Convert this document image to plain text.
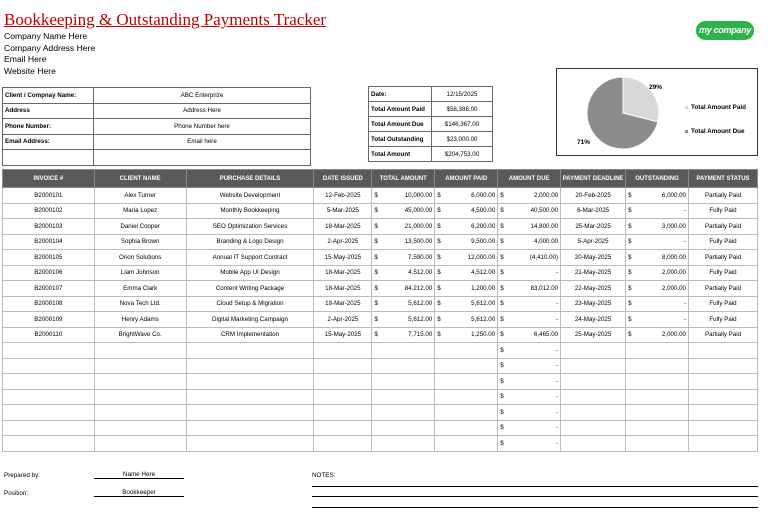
Bookkeeping & Outstanding Payments Tracker
Company Name Here
Company Address Here
Email Here
Website Here
my company
Client / Compnay Name:	ABC Enterprize
Address	Address Here
Phone Number:	Phone Number here
Email Address:	Email here

Date:	12/15/2025
Total Amount Paid	$58,386.00
Total Amount Due	$146,367.00
Total Outstanding	$23,000.00
Total Amount	$204,753.00
29%
71%
Total Amount Paid
Total Amount Due
INVOICE #	CLIENT NAME	PURCHASE DETAILS	DATE ISSUED	TOTAL AMOUNT	AMOUNT PAID	AMOUNT DUE	PAYMENT DEADLINE	OUTSTANDING	PAYMENT STATUS
B2000101	Alex Turner	Website Development	12-Feb-2025	$ 10,000.00	$ 8,000.00	$ 2,000.00	20-Feb-2025	$ 6,000.00	Partially Paid
B2000102	Maria Lopez	Monthly Bookkeeping	5-Mar-2025	$ 45,000.00	$ 4,500.00	$ 40,500.00	6-Mar-2025	$ -	Fully Paid
B2000103	Daniel Cooper	SEO Optimization Services	18-Mar-2025	$ 21,000.00	$ 6,200.00	$ 14,800.00	25-Mar-2025	$ 3,000.00	Partially Paid
B2000104	Sophia Brown	Branding & Logo Design	2-Apr-2025	$ 13,500.00	$ 9,500.00	$ 4,000.00	5-Apr-2025	$ -	Fully Paid
B2000105	Orion Solutions	Annual IT Support Contract	15-May-2025	$ 7,590.00	$ 12,000.00	$ (4,410.00)	20-May-2025	$ 8,000.00	Partially Paid
B2000106	Liam Johnson	Mobile App UI Design	18-Mar-2025	$ 4,512.00	$ 4,512.00	$ -	21-May-2025	$ 2,000.00	Fully Paid
B2000107	Emma Clark	Content Writing Package	18-Mar-2025	$ 84,212.00	$ 1,200.00	$ 83,012.00	22-May-2025	$ 2,000.00	Partially Paid
B2000108	Nova Tech Ltd.	Cloud Setup & Migration	18-Mar-2025	$ 5,612.00	$ 5,612.00	$ -	23-May-2025	$ -	Fully Paid
B2000109	Henry Adams	Digital Marketing Campaign	2-Apr-2025	$ 5,612.00	$ 5,612.00	$ -	24-May-2025	$ -	Fully Paid
B2000110	BrightWave Co.	CRM Implementation	15-May-2025	$ 7,715.00	$ 1,250.00	$ 6,465.00	25-May-2025	$ 2,000.00	Partially Paid

						$ -			

						$ -			

						$ -			

						$ -			

						$ -			

						$ -			

						$ -			
Prepared by:	Name Here
Position:	Bookkeeper
NOTES:
